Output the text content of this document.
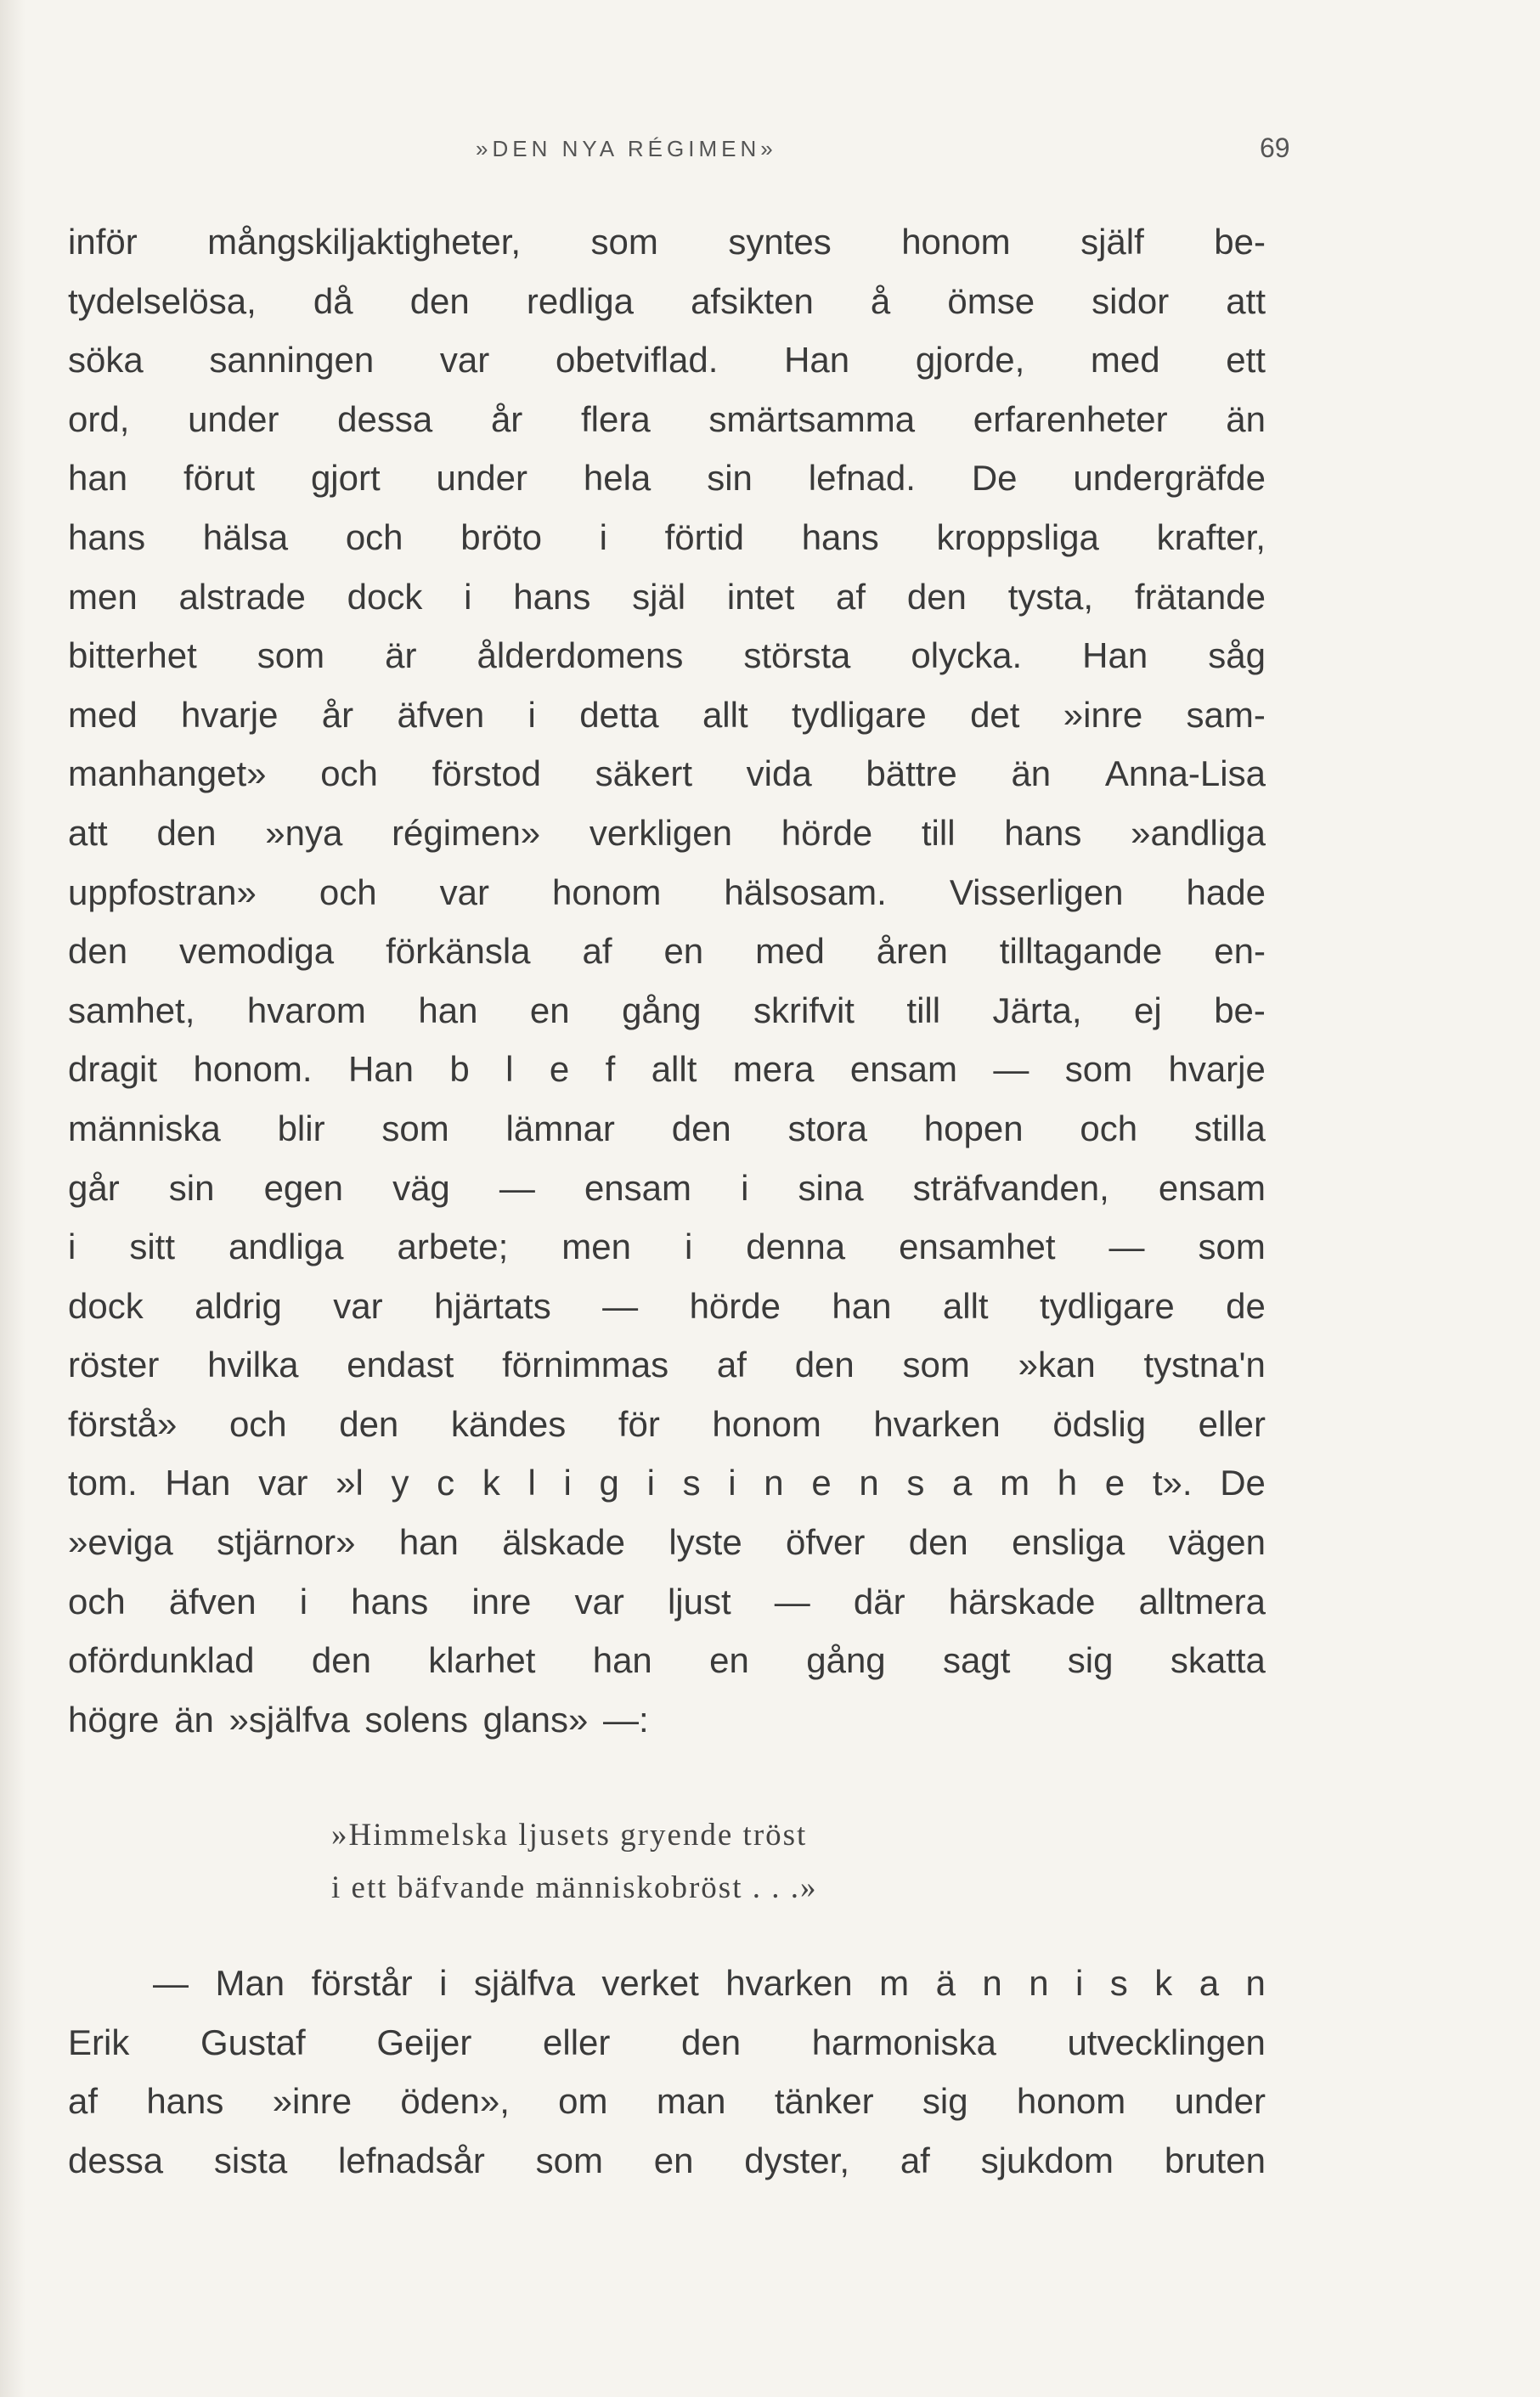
»DEN NYA RÉGIMEN»	69
inför mångskiljaktigheter, som syntes honom själf be-
tydelselösa, då den redliga afsikten å ömse sidor att
söka sanningen var obetviflad. Han gjorde, med ett
ord, under dessa år flera smärtsamma erfarenheter än
han förut gjort under hela sin lefnad. De undergräfde
hans hälsa och bröto i förtid hans kroppsliga krafter,
men alstrade dock i hans själ intet af den tysta, frätande
bitterhet som är ålderdomens största olycka. Han såg
med hvarje år äfven i detta allt tydligare det »inre sam-
manhanget» och förstod säkert vida bättre än Anna-Lisa
att den »nya régimen» verkligen hörde till hans »andliga
uppfostran» och var honom hälsosam. Visserligen hade
den vemodiga förkänsla af en med åren tilltagande en-
samhet, hvarom han en gång skrifvit till Järta, ej be-
dragit honom. Han b l e f allt mera ensam — som hvarje
människa blir som lämnar den stora hopen och stilla
går sin egen väg — ensam i sina sträfvanden, ensam
i sitt andliga arbete; men i denna ensamhet — som
dock aldrig var hjärtats — hörde han allt tydligare de
röster hvilka endast förnimmas af den som »kan tystna'n
förstå» och den kändes för honom hvarken ödslig eller
tom. Han var »l y c k l i g i s i n e n s a m h e t». De
»eviga stjärnor» han älskade lyste öfver den ensliga vägen
och äfven i hans inre var ljust — där härskade alltmera
ofördunklad den klarhet han en gång sagt sig skatta
högre än »själfva solens glans» —:
»Himmelska ljusets gryende tröst
i ett bäfvande människobröst . . .»
— Man förstår i själfva verket hvarken m ä n n i s k a n
Erik Gustaf Geijer eller den harmoniska utvecklingen
af hans »inre öden», om man tänker sig honom under
dessa sista lefnadsår som en dyster, af sjukdom bruten
